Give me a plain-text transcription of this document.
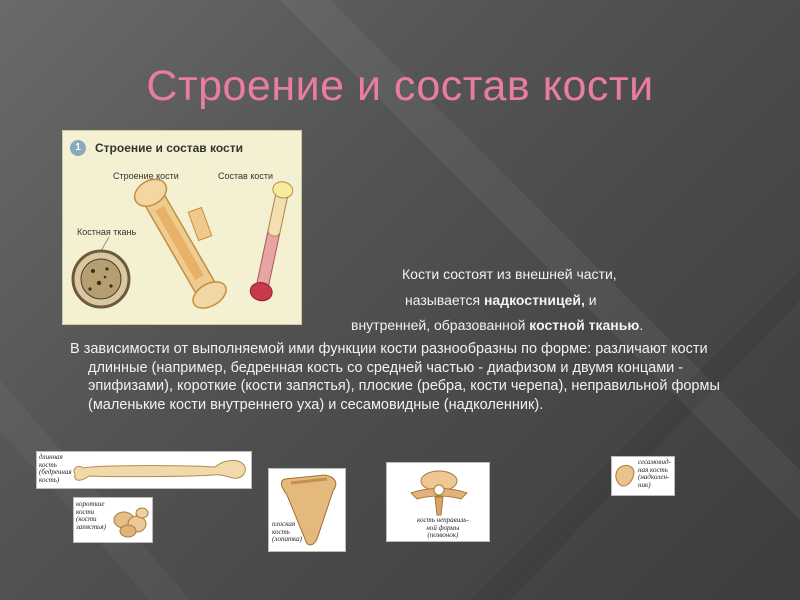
Строение и состав кости
1	Строение и состав кости
Строение кости	Состав кости
Костная ткань
Кости состоят из внешней части,
называется надкостницей, и
внутренней, образованной костной тканью.
В зависимости от выполняемой ими функции кости разнообразны по форме: различают кости длинные (например, бедренная кость со средней частью - диафизом и двумя концами - эпифизами), короткие (кости запястья), плоские (ребра, кости черепа), неправильной формы (маленькие кости внутреннего уха) и сесамовидные (надколенник).
длинная
кость
(бедренная
кость)
короткие
кости
(кости
запястья)	плоская
кость
(лопатка)
кость неправиль-
ной формы
(позвонок)
сесамовид-
ная кость
(надколен-
ник)
